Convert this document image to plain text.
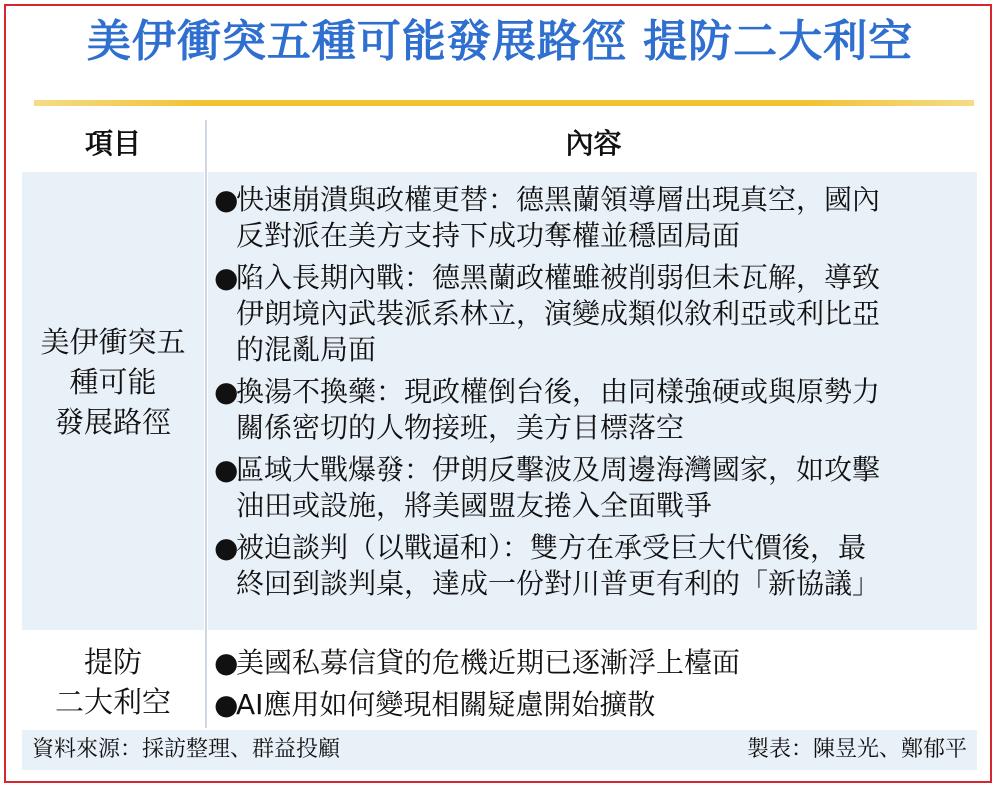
美伊衝突五種可能發展路徑 提防二大利空
項目	內容
美伊衝突五
種可能
發展路徑
●
快速崩潰與政權更替：德黑蘭領導層出現真空，國內
反對派在美方支持下成功奪權並穩固局面
●
陷入長期內戰：德黑蘭政權雖被削弱但未瓦解，導致
伊朗境內武裝派系林立，演變成類似敘利亞或利比亞
的混亂局面
●
換湯不換藥：現政權倒台後，由同樣強硬或與原勢力
關係密切的人物接班，美方目標落空
●
區域大戰爆發：伊朗反擊波及周邊海灣國家，如攻擊
油田或設施，將美國盟友捲入全面戰爭
●
被迫談判（以戰逼和）：雙方在承受巨大代價後，最
終回到談判桌，達成一份對川普更有利的「新協議」
提防
二大利空
●
美國私募信貸的危機近期已逐漸浮上檯面
●
AI應用如何變現相關疑慮開始擴散
資料來源：採訪整理、群益投顧	製表：陳昱光、鄭郁平
